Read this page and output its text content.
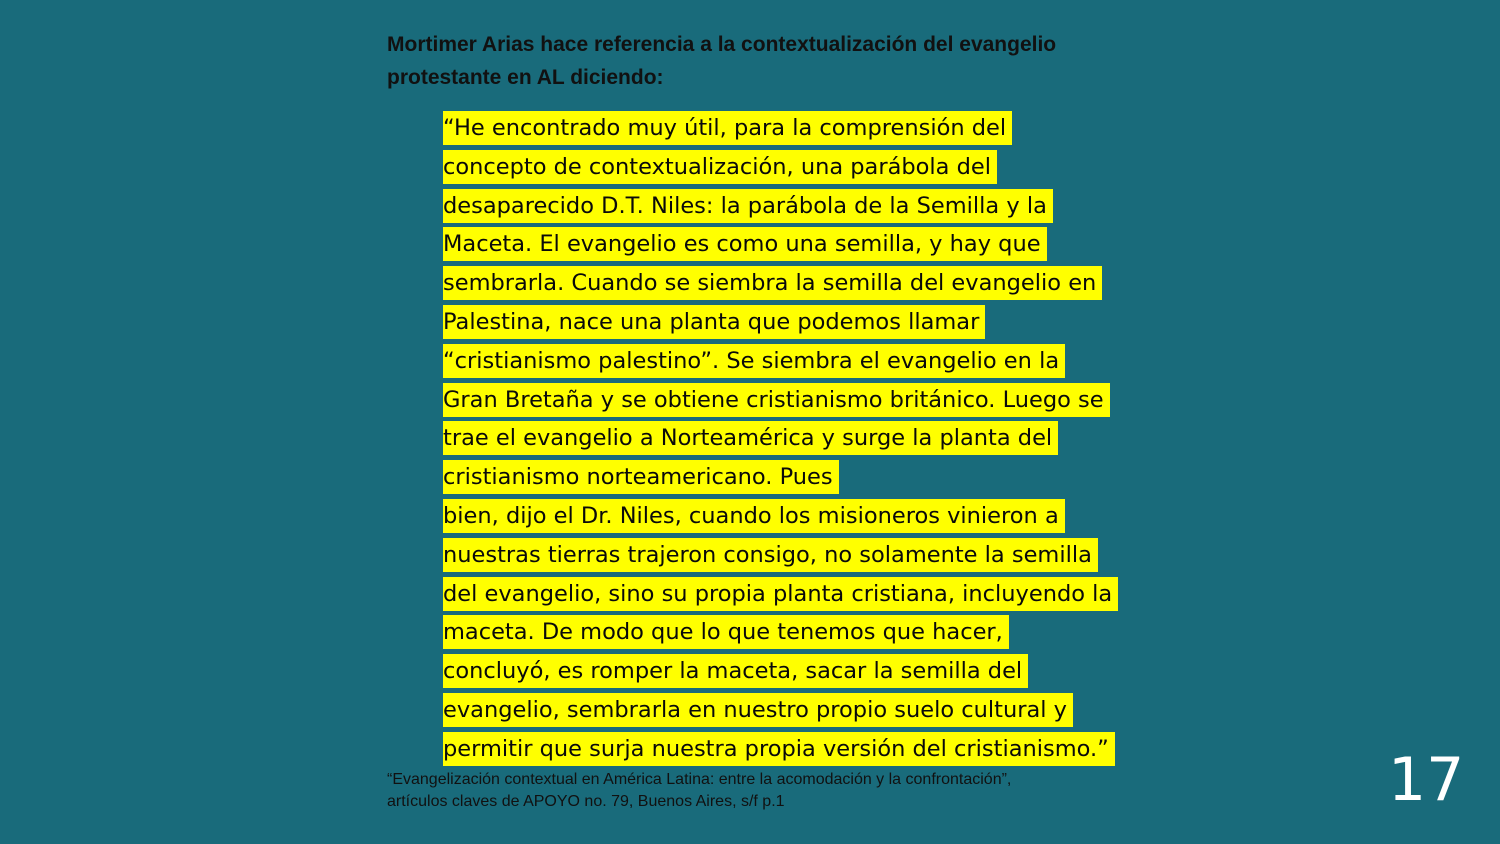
Mortimer Arias hace referencia a la contextualización del evangelio
protestante en AL diciendo:
“He encontrado muy útil, para la comprensión del
concepto de contextualización, una parábola del
desaparecido D.T. Niles: la parábola de la Semilla y la
Maceta. El evangelio es como una semilla, y hay que
sembrarla. Cuando se siembra la semilla del evangelio en
Palestina, nace una planta que podemos llamar
“cristianismo palestino”. Se siembra el evangelio en la
Gran Bretaña y se obtiene cristianismo británico. Luego se
trae el evangelio a Norteamérica y surge la planta del
cristianismo norteamericano. Pues
bien, dijo el Dr. Niles, cuando los misioneros vinieron a
nuestras tierras trajeron consigo, no solamente la semilla
del evangelio, sino su propia planta cristiana, incluyendo la
maceta. De modo que lo que tenemos que hacer,
concluyó, es romper la maceta, sacar la semilla del
evangelio, sembrarla en nuestro propio suelo cultural y
permitir que surja nuestra propia versión del cristianismo.”
“Evangelización contextual en América Latina: entre la acomodación y la confrontación”,
artículos claves de APOYO no. 79, Buenos Aires, s/f p.1	17
